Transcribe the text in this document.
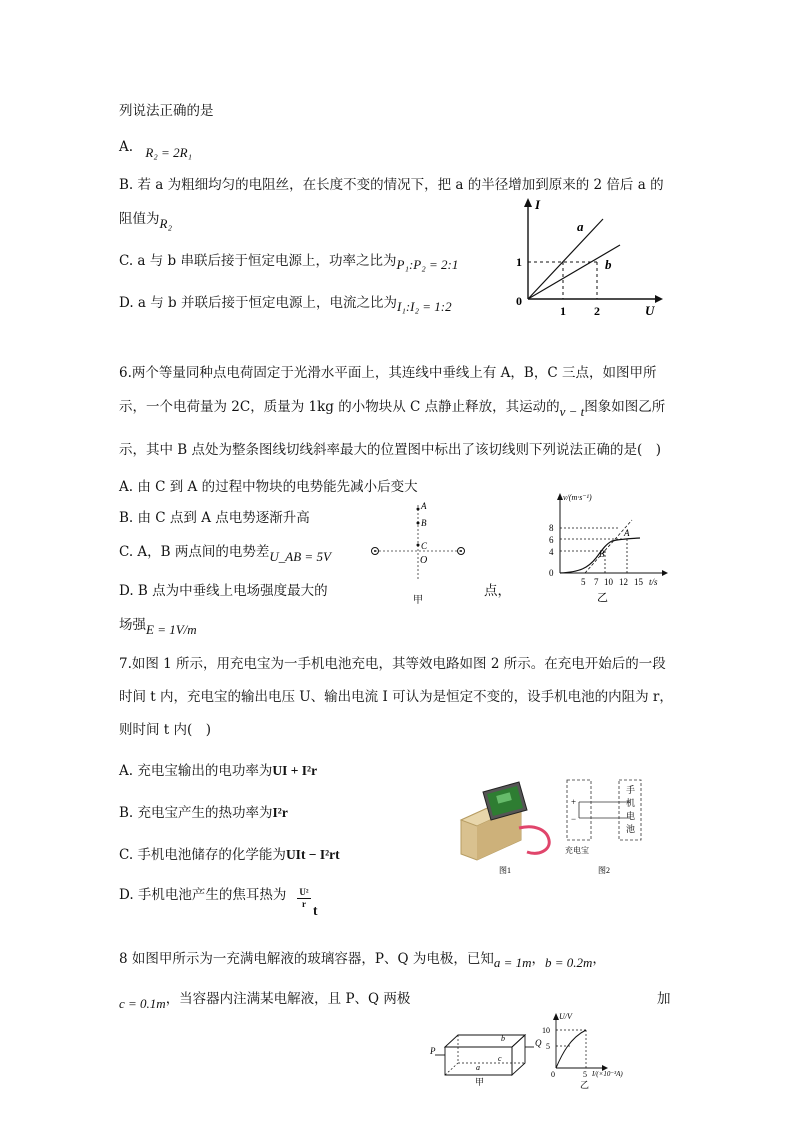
列说法正确的是
A. R₂ = 2R₁
B. 若 a 为粗细均匀的电阻丝，在长度不变的情况下，把 a 的半径增加到原来的 2 倍后 a 的
阻值为R₂
C. a 与 b 串联后接于恒定电源上，功率之比为P₁:P₂ = 2:1
D. a 与 b 并联后接于恒定电源上，电流之比为I₁:I₂ = 1:2
I
U
0
a
b
1
1 2
6.两个等量同种点电荷固定于光滑水平面上，其连线中垂线上有 A，B，C 三点，如图甲所
示，一个电荷量为 2C，质量为 1kg 的小物块从 C 点静止释放，其运动的v − t图象如图乙所
示，其中 B 点处为整条图线切线斜率最大的位置图中标出了该切线则下列说法正确的是(　)
A. 由 C 到 A 的过程中物块的电势能先减小后变大
B. 由 C 点到 A 点电势逐渐升高
C. A，B 两点间的电势差U_AB = 5V
D. B 点为中垂线上电场强度最大的	点，
场强E = 1V/m
A
B
C
O
甲
v/(m·s⁻¹)
t/s
8
6
4
0
5 7 10 12 15
A
B
乙
7.如图 1 所示，用充电宝为一手机电池充电，其等效电路如图 2 所示。在充电开始后的一段
时间 t 内，充电宝的输出电压 U、输出电流 I 可认为是恒定不变的，设手机电池的内阻为 r，
则时间 t 内(　)
A. 充电宝输出的电功率为UI + I²r
B. 充电宝产生的热功率为I²r
C. 手机电池储存的化学能为UIt − I²rt
D. 手机电池产生的焦耳热为	U²
r t
图1
+
−
手
机
电
池
充电宝
图2
8 如图甲所示为一充满电解液的玻璃容器，P、Q 为电极，已知a = 1m，b = 0.2m，
c = 0.1m，当容器内注满某电解液，且 P、Q 两极	加
P
Q
a
b
c
甲
U/V
I/(×10⁻³A)
10
5
0	5
乙
